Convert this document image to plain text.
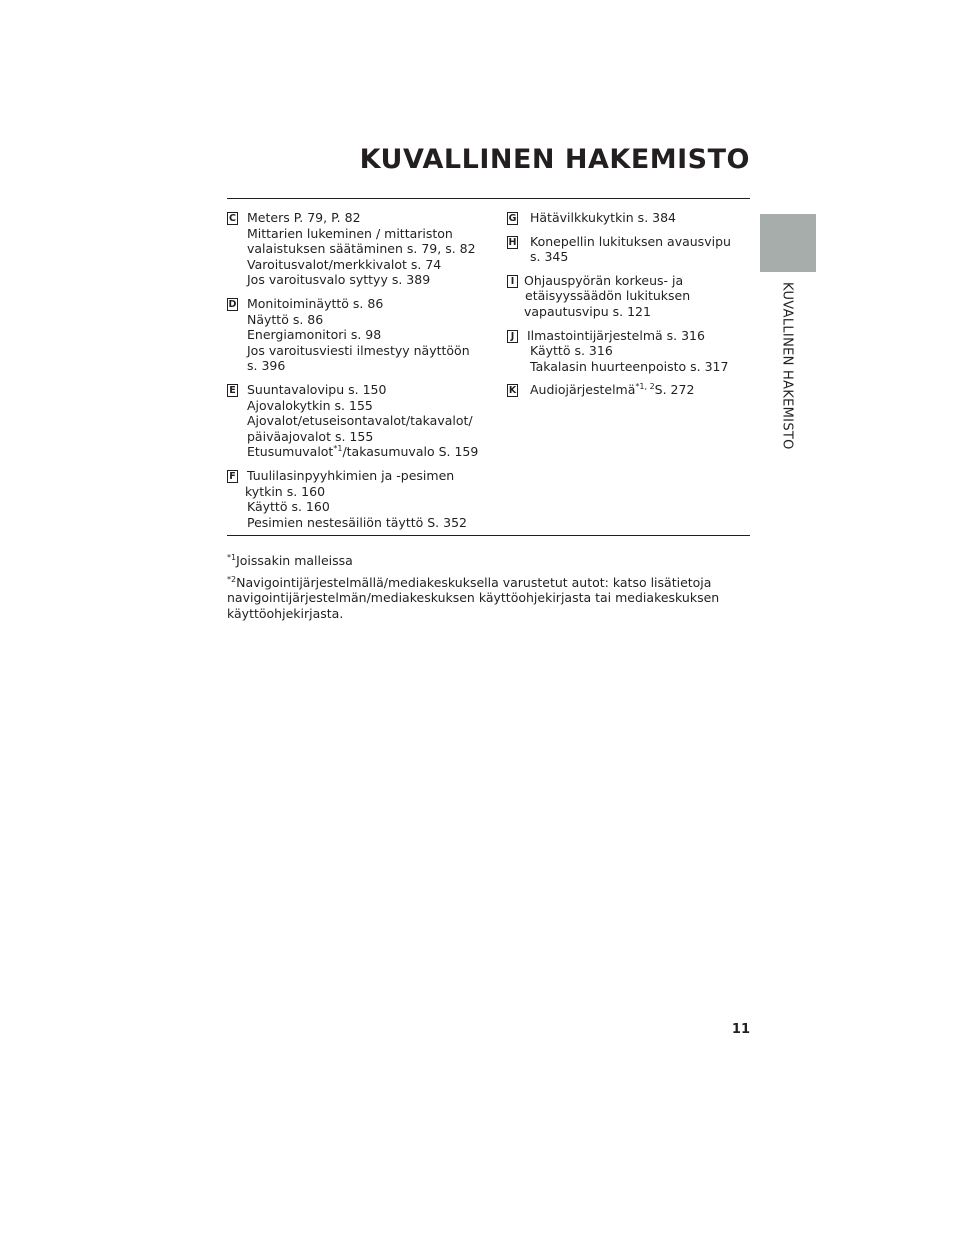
KUVALLINEN HAKEMISTO
KUVALLINEN HAKEMISTO
C Meters P. 79, P. 82
Mittarien lukeminen / mittariston
valaistuksen säätäminen s. 79, s. 82
Varoitusvalot/merkkivalot s. 74
Jos varoitusvalo syttyy s. 389
D Monitoiminäyttö s. 86
Näyttö s. 86
Energiamonitori s. 98
Jos varoitusviesti ilmestyy näyttöön
s. 396
E Suuntavalovipu s. 150
Ajovalokytkin s. 155
Ajovalot/etuseisontavalot/takavalot/
päiväajovalot s. 155
Etusumuvalot$^{*1}$/takasumuvalo S. 159
F Tuulilasinpyyhkimien ja -pesimen
kytkin s. 160
Käyttö s. 160
Pesimien nestesäiliön täyttö S. 352
G Hätävilkkukytkin s. 384
H Konepellin lukituksen avausvipu
s. 345
I Ohjauspyörän korkeus- ja
etäisyyssäädön lukituksen
vapautusvipu s. 121
J Ilmastointijärjestelmä s. 316
Käyttö s. 316
Takalasin huurteenpoisto s. 317
K Audiojärjestelmä$^{*1, 2}$S. 272
$^{*1}$Joissakin malleissa
$^{*2}$Navigointijärjestelmällä/mediakeskuksella varustetut autot: katso lisätietoja navigointijärjestelmän/mediakeskuksen käyttöohjekirjasta tai mediakeskuksen käyttöohjekirjasta.
11
